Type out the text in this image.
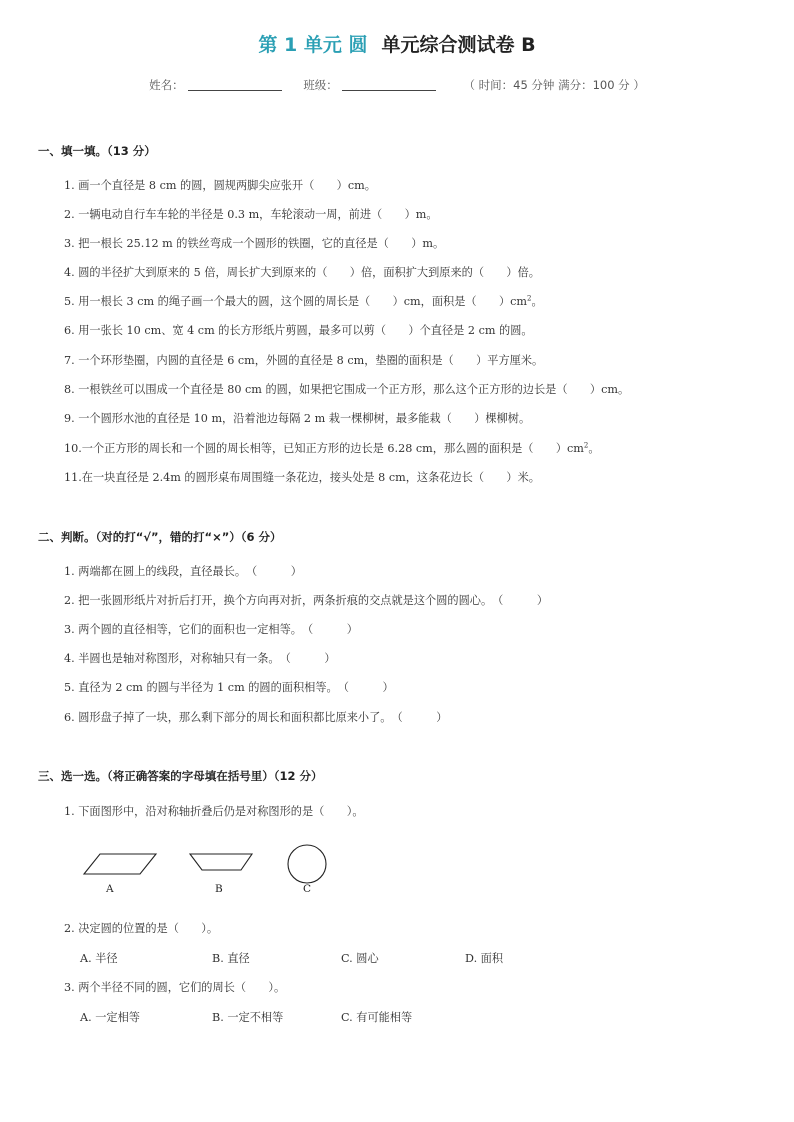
第 1 单元 圆 单元综合测试卷 B
姓名：	班级：	（ 时间：45 分钟 满分：100 分 ）
一、填一填。（13 分）
1. 画一个直径是 8 cm 的圆，圆规两脚尖应张开（　　）cm。
2. 一辆电动自行车车轮的半径是 0.3 m，车轮滚动一周，前进（　　）m。
3. 把一根长 25.12 m 的铁丝弯成一个圆形的铁圈，它的直径是（　　）m。
4. 圆的半径扩大到原来的 5 倍，周长扩大到原来的（　　）倍，面积扩大到原来的（　　）倍。
5. 用一根长 3 cm 的绳子画一个最大的圆，这个圆的周长是（　　）cm，面积是（　　）$cm^2$。
6. 用一张长 10 cm、宽 4 cm 的长方形纸片剪圆，最多可以剪（　　）个直径是 2 cm 的圆。
7. 一个环形垫圈，内圆的直径是 6 cm，外圆的直径是 8 cm，垫圈的面积是（　　）平方厘米。
8. 一根铁丝可以围成一个直径是 80 cm 的圆，如果把它围成一个正方形，那么这个正方形的边长是（　　）cm。
9. 一个圆形水池的直径是 10 m，沿着池边每隔 2 m 栽一棵柳树，最多能栽（　　）棵柳树。
10.一个正方形的周长和一个圆的周长相等，已知正方形的边长是 6.28 cm，那么圆的面积是（　　）$cm^2$。
11.在一块直径是 2.4m 的圆形桌布周围缝一条花边，接头处是 8 cm，这条花边长（　　）米。
二、判断。（对的打“√”，错的打“×”）（6 分）
1. 两端都在圆上的线段，直径最长。　（　　　）
2. 把一张圆形纸片对折后打开，换个方向再对折，两条折痕的交点就是这个圆的圆心。　（　　　）
3. 两个圆的直径相等，它们的面积也一定相等。　（　　　）
4. 半圆也是轴对称图形，对称轴只有一条。　（　　　）
5. 直径为 2 cm 的圆与半径为 1 cm 的圆的面积相等。　（　　　）
6. 圆形盘子掉了一块，那么剩下部分的周长和面积都比原来小了。　（　　　）
三、选一选。（将正确答案的字母填在括号里）（12 分）
1. 下面图形中，沿对称轴折叠后仍是对称图形的是（　　）。
A	B	C
2. 决定圆的位置的是（　　）。
A. 半径	B. 直径	C. 圆心	D. 面积
3. 两个半径不同的圆，它们的周长（　　）。
A. 一定相等	B. 一定不相等	C. 有可能相等
